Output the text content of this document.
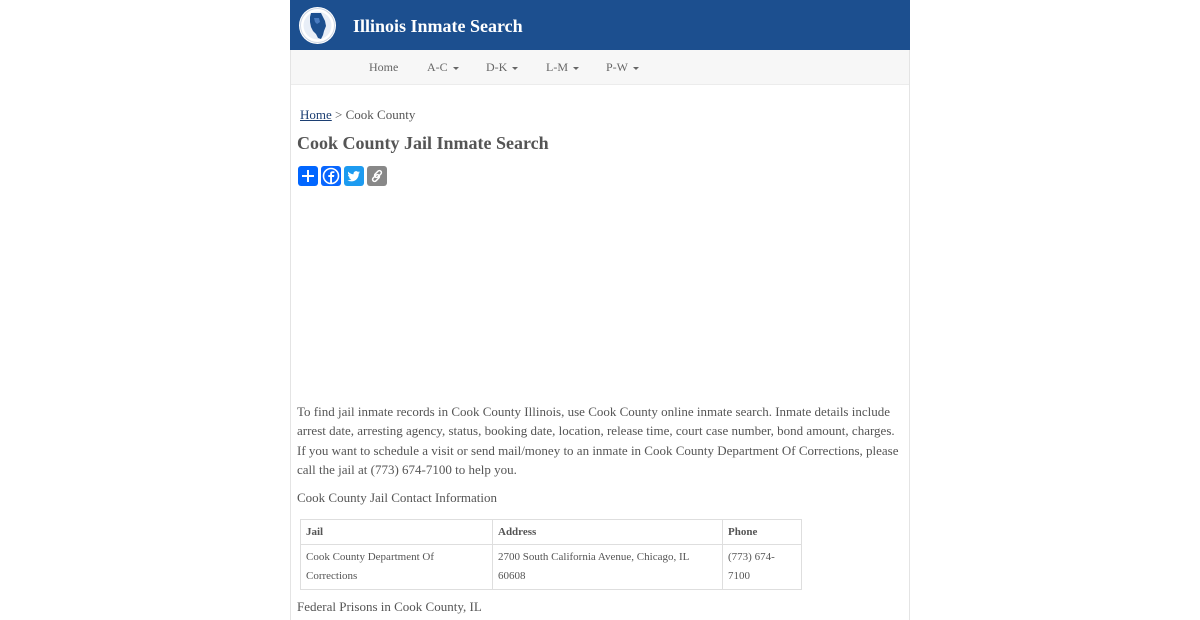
Illinois Inmate Search
Home A-C	D-K	L-M	P-W
Home > Cook County
Cook County Jail Inmate Search

To find jail inmate records in Cook County Illinois, use Cook County online inmate search. Inmate details include arrest date, arresting agency, status, booking date, location, release time, court case number, bond amount, charges. If you want to schedule a visit or send mail/money to an inmate in Cook County Department Of Corrections, please call the jail at (773) 674-7100 to help you.

Cook County Jail Contact Information

Jail	Address	Phone
Cook County Department Of Corrections	2700 South California Avenue, Chicago, IL 60608	(773) 674-7100

Federal Prisons in Cook County, IL
